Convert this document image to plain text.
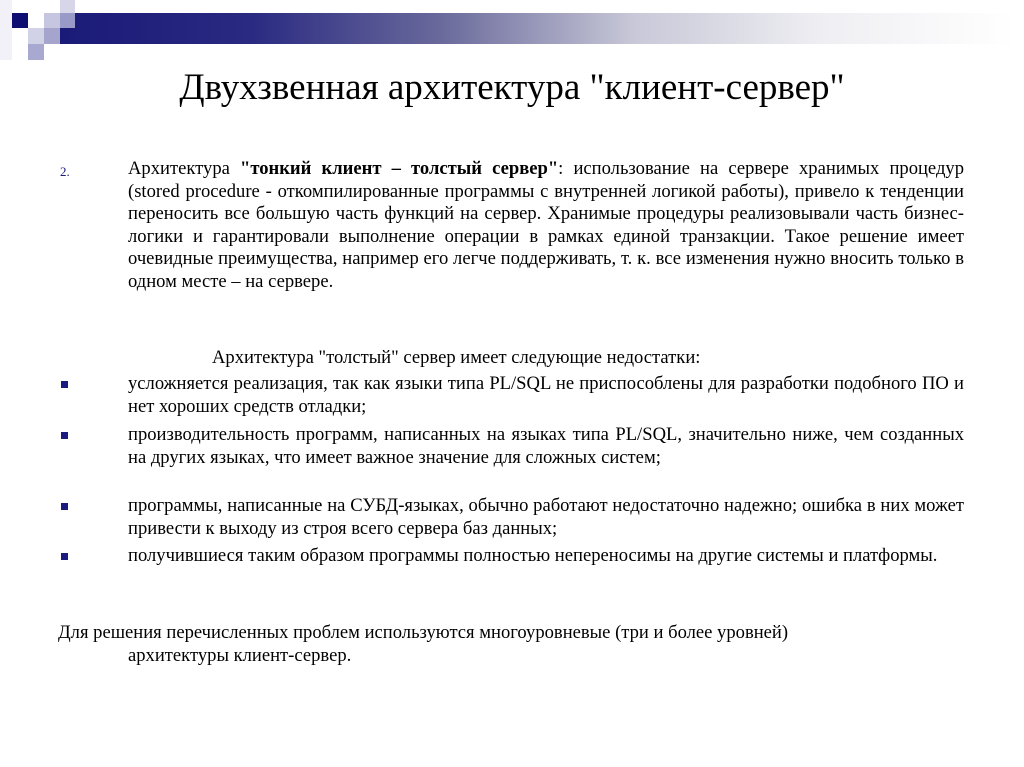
Двухзвенная архитектура "клиент-сервер"
2.	Архитектура "тонкий клиент – толстый сервер": использование на сервере хранимых процедур (stored procedure - откомпилированные программы с внутренней логикой работы), привело к тенденции переносить все большую часть функций на сервер. Хранимые процедуры реализовывали часть бизнес-логики и гарантировали выполнение операции в рамках единой транзакции. Такое решение имеет очевидные преимущества, например его легче поддерживать, т. к. все изменения нужно вносить только в одном месте – на сервере.
Архитектура "толстый" сервер имеет следующие недостатки:
усложняется реализация, так как языки типа PL/SQL не приспособлены для разработки подобного ПО и нет хороших средств отладки;
производительность программ, написанных на языках типа PL/SQL, значительно ниже, чем созданных на других языках, что имеет важное значение для сложных систем;
программы, написанные на СУБД-языках, обычно работают недостаточно надежно; ошибка в них может привести к выходу из строя всего сервера баз данных;
получившиеся таким образом программы полностью непереносимы на другие системы и платформы.
Для решения перечисленных проблем используются многоуровневые (три и более уровней)
архитектуры клиент-сервер.
